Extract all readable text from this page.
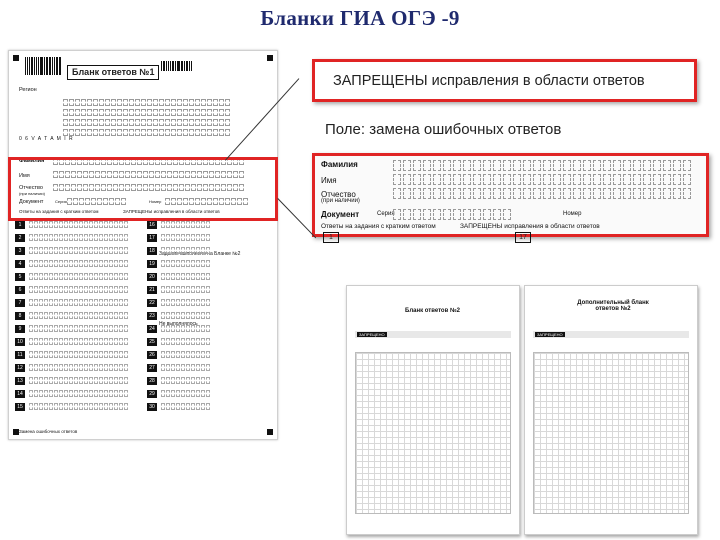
Бланки ГИА ОГЭ -9
Бланк ответов №1
Регион
0 6 V A T A M I R
Фамилия
Имя
Отчество
(при наличии)
Документ	Серия	Номер
Ответы на задания с кратким ответом	ЗАПРЕЩЕНЫ исправления в области ответов
Задание выполнено на Бланке №2
Не выполнялось
Замена ошибочных ответов
1	16
2	17
3	18
4	19
5	20
6	21
7	22
8	23
9	24
10	25
11	26
12	27
13	28
14	29
15	30
ЗАПРЕЩЕНЫ исправления в области ответов
Поле: замена ошибочных ответов
Фамилия
Имя
Отчество
(при наличии)
Документ	Серия	Номер
Ответы на задания с кратким ответом	ЗАПРЕЩЕНЫ исправления в области ответов
1	17
Бланк ответов №2
ЗАПРЕЩЕНО
Дополнительный бланк ответов №2
ЗАПРЕЩЕНО
